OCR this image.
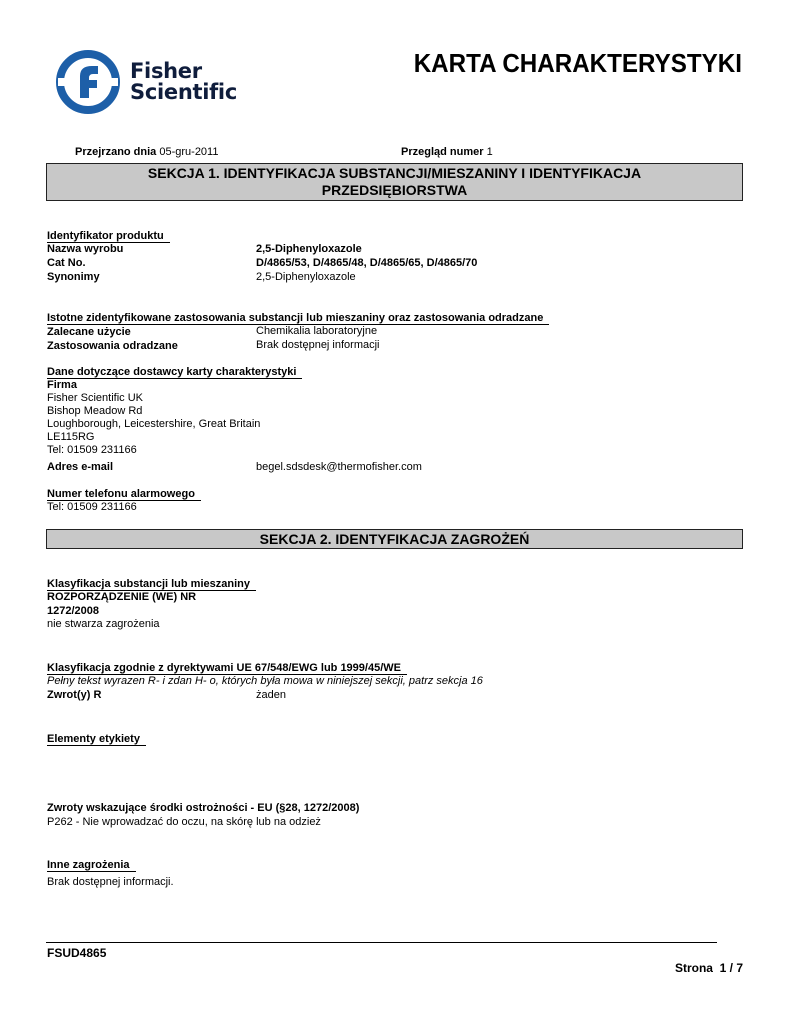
Fisher
Scientific
KARTA CHARAKTERYSTYKI
Przejrzano dnia 05-gru-2011	Przegląd numer 1
SEKCJA 1. IDENTYFIKACJA SUBSTANCJI/MIESZANINY I IDENTYFIKACJA
PRZEDSIĘBIORSTWA
Identyfikator produktu
Nazwa wyrobu	2,5-Diphenyloxazole
Cat No.	D/4865/53, D/4865/48, D/4865/65, D/4865/70
Synonimy	2,5-Diphenyloxazole
Istotne zidentyfikowane zastosowania substancji lub mieszaniny oraz zastosowania odradzane
Zalecane użycie	Chemikalia laboratoryjne
Zastosowania odradzane	Brak dostępnej informacji
Dane dotyczące dostawcy karty charakterystyki
Firma
Fisher Scientific UK
Bishop Meadow Rd
Loughborough, Leicestershire, Great Britain
LE115RG
Tel: 01509 231166
Adres e-mail	begel.sdsdesk@thermofisher.com
Numer telefonu alarmowego
Tel: 01509 231166
SEKCJA 2. IDENTYFIKACJA ZAGROŻEŃ
Klasyfikacja substancji lub mieszaniny
ROZPORZĄDZENIE (WE) NR
1272/2008
nie stwarza zagrożenia
Klasyfikacja zgodnie z dyrektywami UE 67/548/EWG lub 1999/45/WE
Pełny tekst wyrazen R- i zdan H- o, których była mowa w niniejszej sekcji, patrz sekcja 16
Zwrot(y) R	żaden
Elementy etykiety
Zwroty wskazujące środki ostrożności - EU (§28, 1272/2008)
P262 - Nie wprowadzać do oczu, na skórę lub na odzież
Inne zagrożenia
Brak dostępnej informacji.
FSUD4865
Strona  1 / 7
